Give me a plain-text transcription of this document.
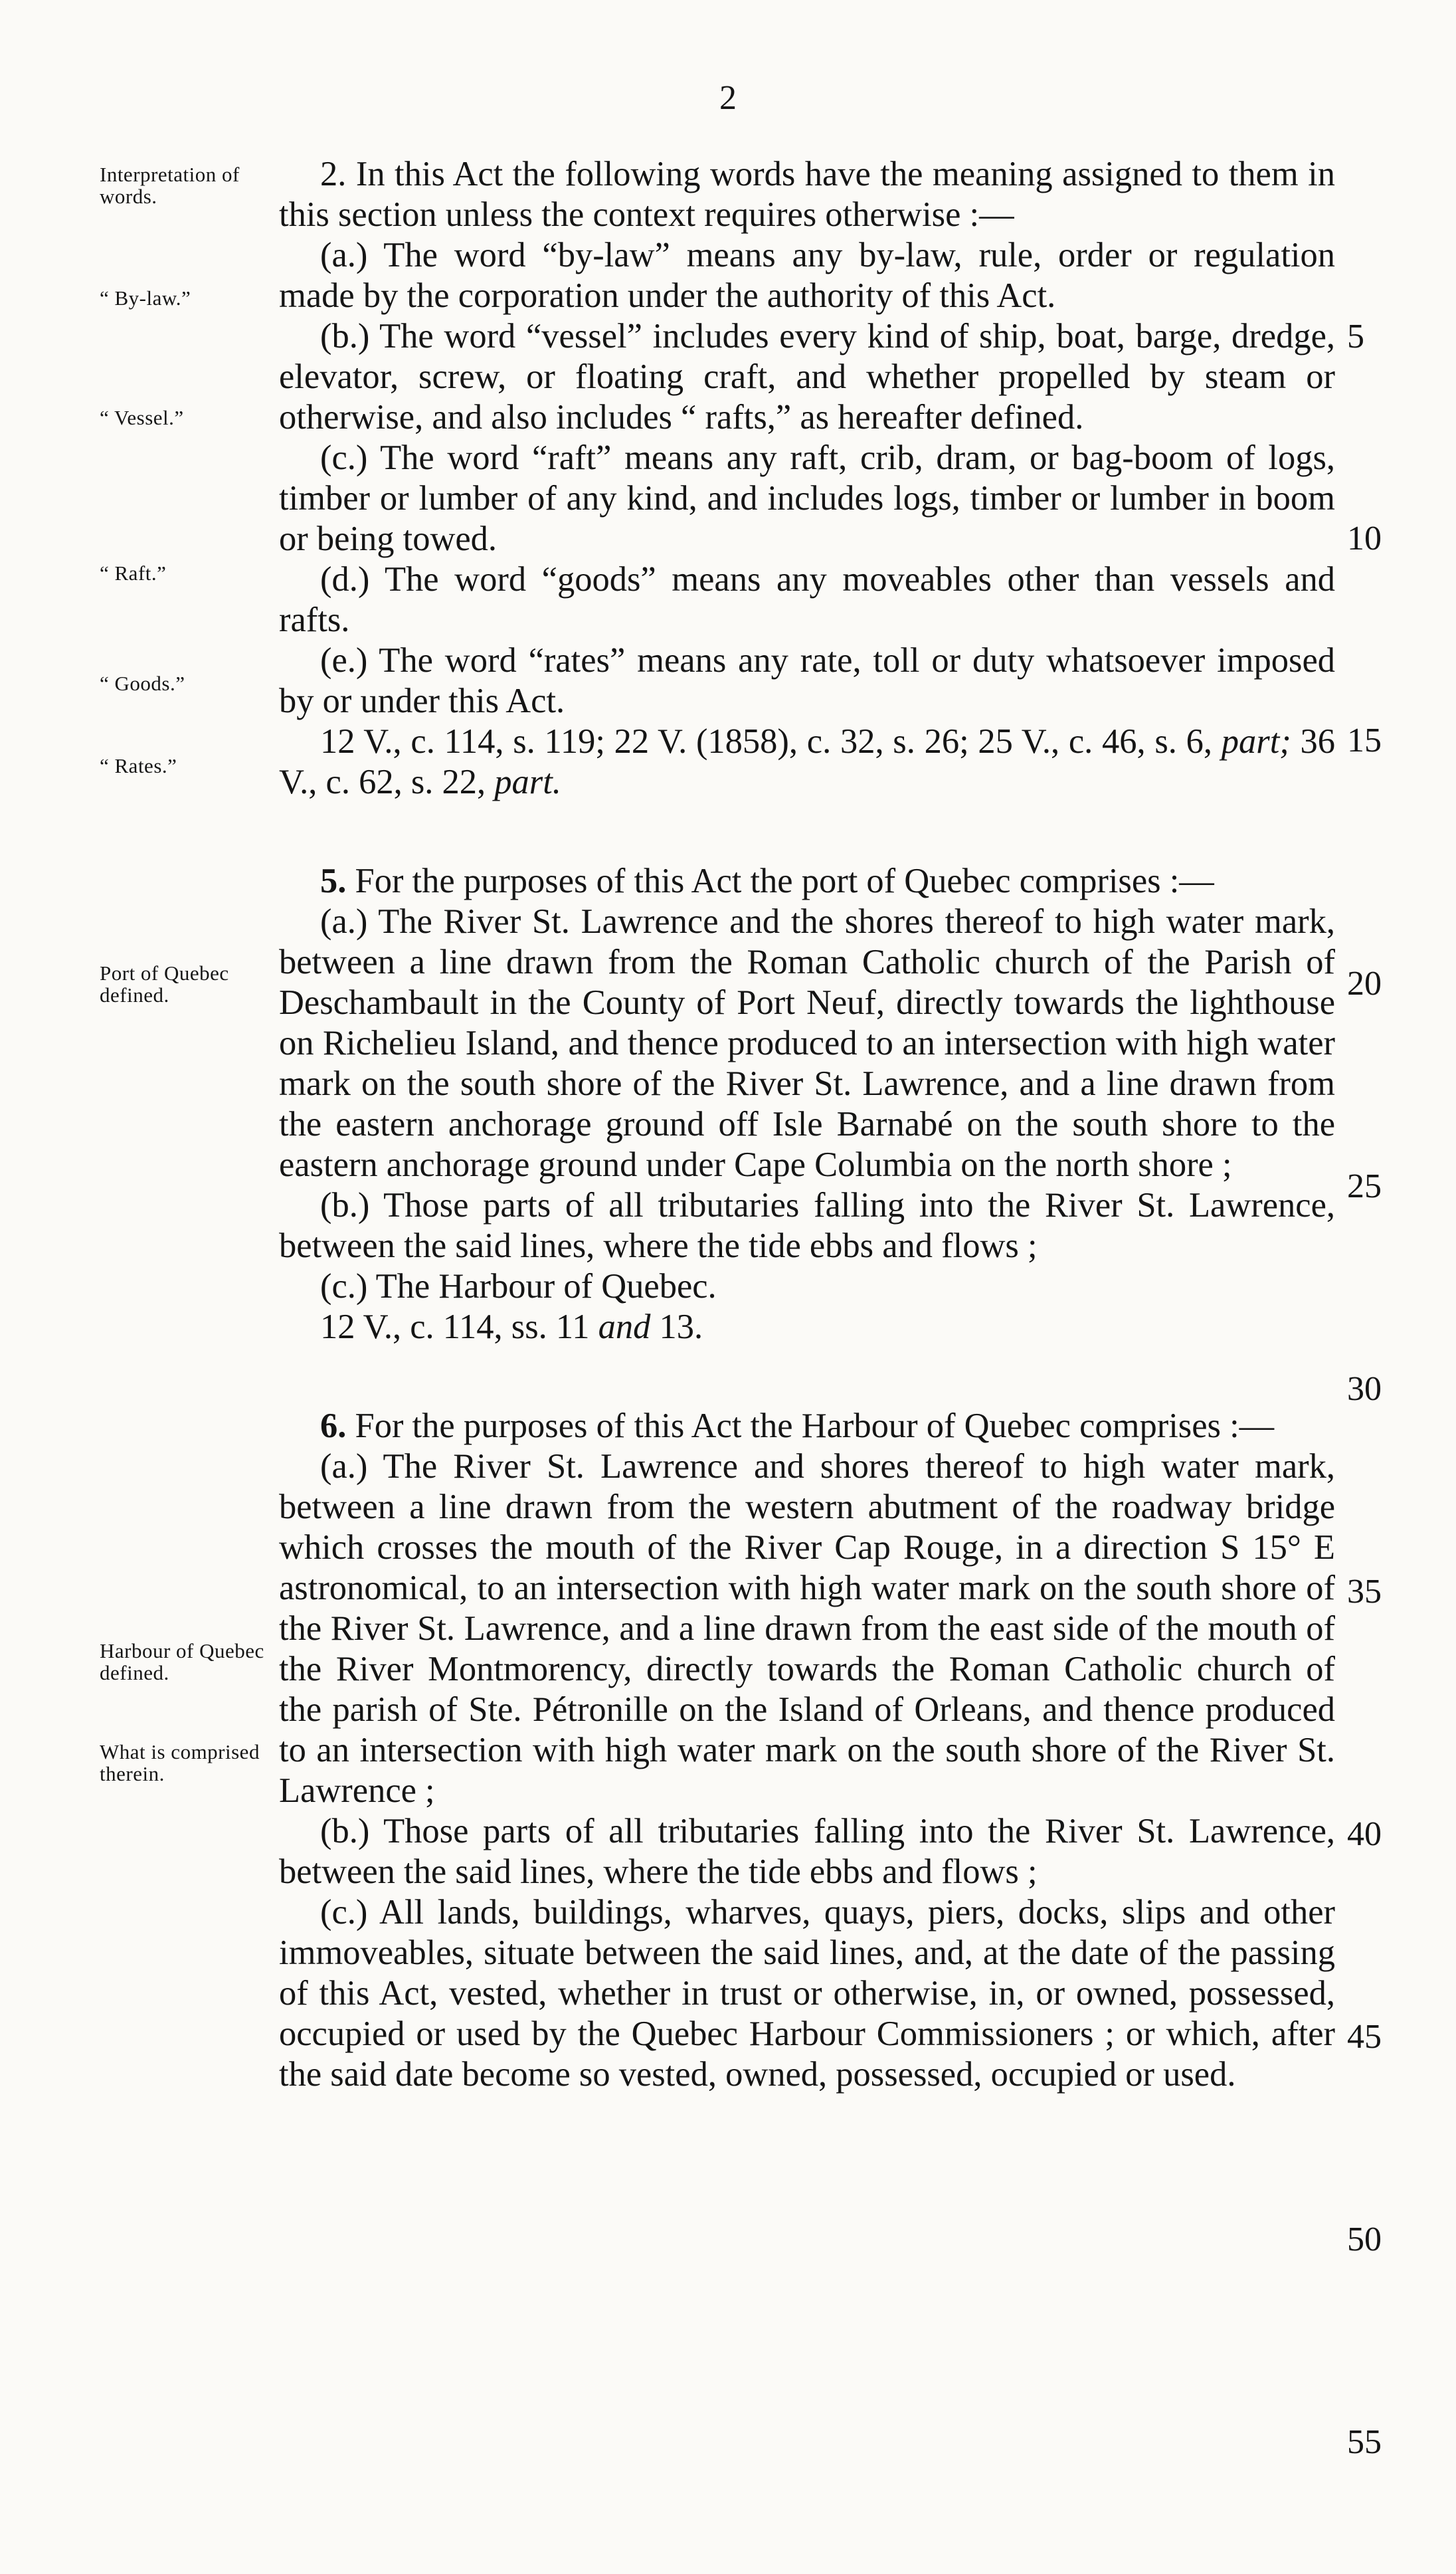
2
Interpretation of words.
“ By-law.”
“ Vessel.”
“ Raft.”
“ Goods.”
“ Rates.”
Port of Quebec defined.
Harbour of Quebec defined.
What is comprised therein.
5
10
15
20
25
30
35
40
45
50
55

2. In this Act the following words have the meaning assigned to them in this section unless the context requires otherwise :—

(a.) The word “by-law” means any by-law, rule, order or regulation made by the corporation under the authority of this Act.

(b.) The word “vessel” includes every kind of ship, boat, barge, dredge, elevator, screw, or floating craft, and whether propelled by steam or otherwise, and also includes “ rafts,” as hereafter defined.

(c.) The word “raft” means any raft, crib, dram, or bag-boom of logs, timber or lumber of any kind, and includes logs, timber or lumber in boom or being towed.

(d.) The word “goods” means any moveables other than vessels and rafts.

(e.) The word “rates” means any rate, toll or duty whatsoever imposed by or under this Act.

12 V., c. 114, s. 119; 22 V. (1858), c. 32, s. 26; 25 V., c. 46, s. 6, part; 36 V., c. 62, s. 22, part.

5. For the purposes of this Act the port of Quebec comprises :—

(a.) The River St. Lawrence and the shores thereof to high water mark, between a line drawn from the Roman Catholic church of the Parish of Deschambault in the County of Port Neuf, directly towards the lighthouse on Richelieu Island, and thence produced to an intersection with high water mark on the south shore of the River St. Lawrence, and a line drawn from the eastern anchorage ground off Isle Barnabé on the south shore to the eastern anchorage ground under Cape Columbia on the north shore ;

(b.) Those parts of all tributaries falling into the River St. Lawrence, between the said lines, where the tide ebbs and flows ;

(c.) The Harbour of Quebec.

12 V., c. 114, ss. 11 and 13.

6. For the purposes of this Act the Harbour of Quebec comprises :—

(a.) The River St. Lawrence and shores thereof to high water mark, between a line drawn from the western abutment of the roadway bridge which crosses the mouth of the River Cap Rouge, in a direction S 15° E astronomical, to an intersection with high water mark on the south shore of the River St. Lawrence, and a line drawn from the east side of the mouth of the River Montmorency, directly towards the Roman Catholic church of the parish of Ste. Pétronille on the Island of Orleans, and thence produced to an intersection with high water mark on the south shore of the River St. Lawrence ;

(b.) Those parts of all tributaries falling into the River St. Lawrence, between the said lines, where the tide ebbs and flows ;

(c.) All lands, buildings, wharves, quays, piers, docks, slips and other immoveables, situate between the said lines, and, at the date of the passing of this Act, vested, whether in trust or otherwise, in, or owned, possessed, occupied or used by the Quebec Harbour Commissioners ; or which, after the said date become so vested, owned, possessed, occupied or used.
